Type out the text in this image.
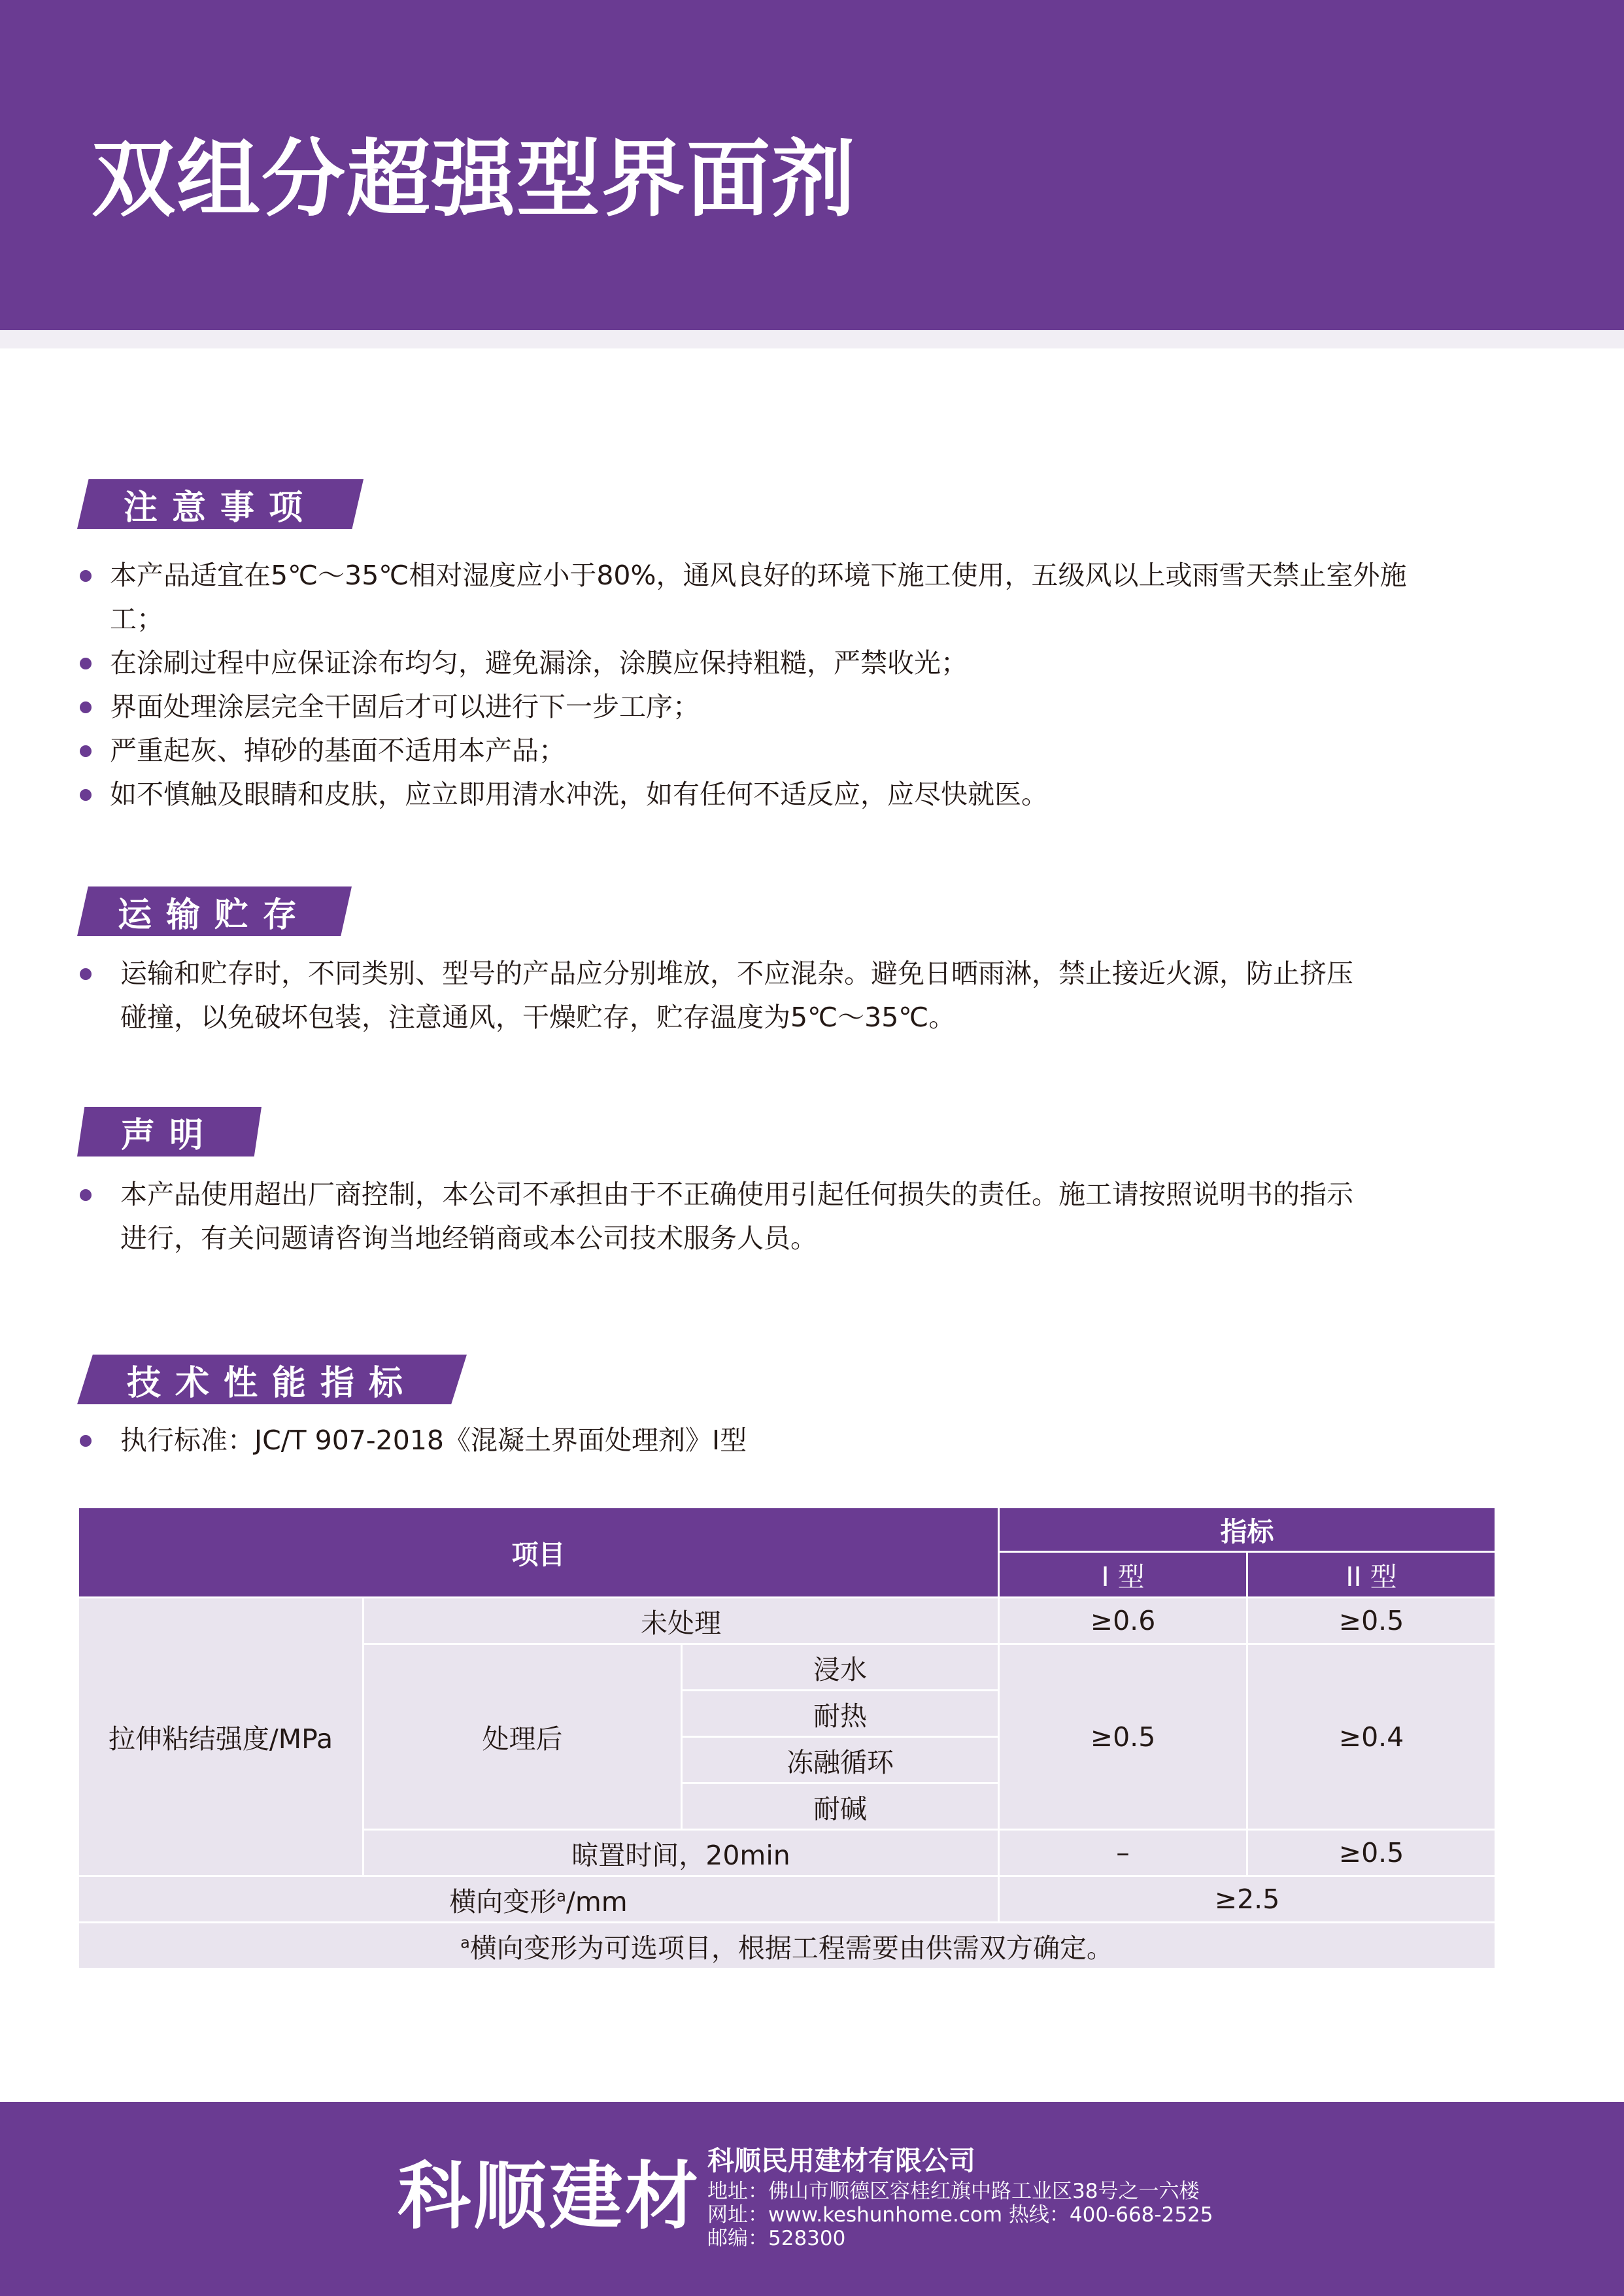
双组分超强型界面剂
注意事项
本产品适宜在5℃～35℃相对湿度应小于80%，通风良好的环境下施工使用，五级风以上或雨雪天禁止室外施
工；
在涂刷过程中应保证涂布均匀，避免漏涂，涂膜应保持粗糙，严禁收光；
界面处理涂层完全干固后才可以进行下一步工序；
严重起灰、掉砂的基面不适用本产品；
如不慎触及眼睛和皮肤，应立即用清水冲洗，如有任何不适反应，应尽快就医。
运输贮存
运输和贮存时，不同类别、型号的产品应分别堆放，不应混杂。避免日晒雨淋，禁止接近火源，防止挤压
碰撞，以免破坏包装，注意通风，干燥贮存，贮存温度为5℃～35℃。
声明
本产品使用超出厂商控制，本公司不承担由于不正确使用引起任何损失的责任。施工请按照说明书的指示
进行，有关问题请咨询当地经销商或本公司技术服务人员。
技术性能指标
执行标准：JC/T 907-2018《混凝土界面处理剂》I型
项目			指标	
			I 型	II 型
拉伸粘结强度/MPa	未处理		≥0.6	≥0.5
	处理后	浸水	≥0.5	≥0.4
		耐热		
		冻融循环		
		耐碱		
	晾置时间，20min		–	≥0.5
横向变形$^a$/mm			≥2.5	
$^a$横向变形为可选项目，根据工程需要由供需双方确定。				
科顺建材 科顺民用建材有限公司
地址：佛山市顺德区容桂红旗中路工业区38号之一六楼
网址：www.keshunhome.com 热线：400-668-2525
邮编：528300
